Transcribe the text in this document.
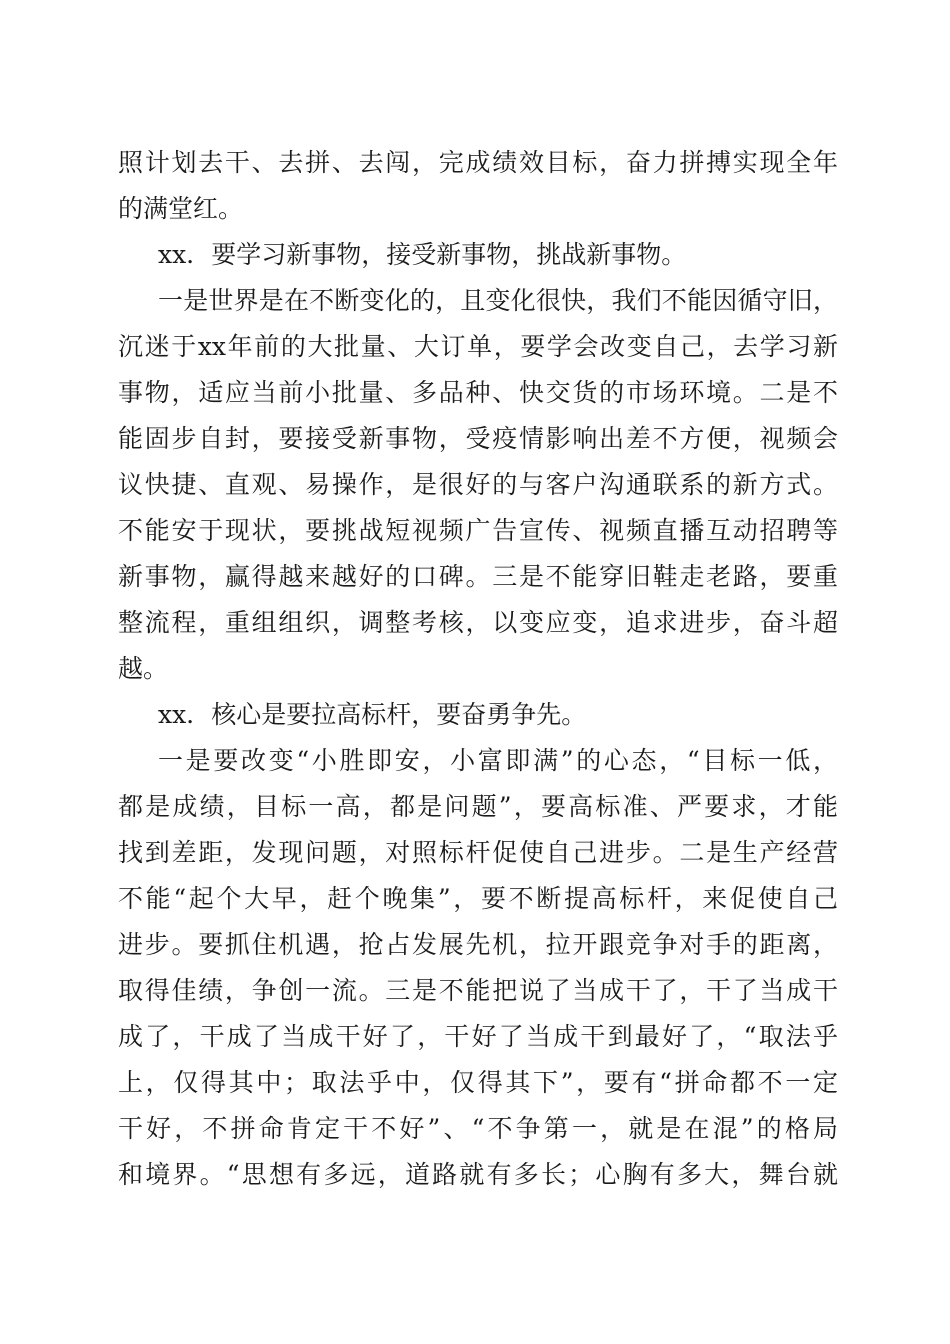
照计划去干、去拼、去闯，完成绩效目标，奋力拼搏实现全年
的满堂红。
xx．要学习新事物，接受新事物，挑战新事物。
一是世界是在不断变化的，且变化很快，我们不能因循守旧，
沉迷于xx年前的大批量、大订单，要学会改变自己，去学习新
事物，适应当前小批量、多品种、快交货的市场环境。二是不
能固步自封，要接受新事物，受疫情影响出差不方便，视频会
议快捷、直观、易操作，是很好的与客户沟通联系的新方式。
不能安于现状，要挑战短视频广告宣传、视频直播互动招聘等
新事物，赢得越来越好的口碑。三是不能穿旧鞋走老路，要重
整流程，重组组织，调整考核，以变应变，追求进步，奋斗超
越。
xx．核心是要拉高标杆，要奋勇争先。
一是要改变“小胜即安，小富即满”的心态，“目标一低，
都是成绩，目标一高，都是问题”，要高标准、严要求，才能
找到差距，发现问题，对照标杆促使自己进步。二是生产经营
不能“起个大早，赶个晚集”，要不断提高标杆，来促使自己
进步。要抓住机遇，抢占发展先机，拉开跟竞争对手的距离，
取得佳绩，争创一流。三是不能把说了当成干了，干了当成干
成了，干成了当成干好了，干好了当成干到最好了，“取法乎
上，仅得其中；取法乎中，仅得其下”，要有“拼命都不一定
干好，不拼命肯定干不好”、“不争第一，就是在混”的格局
和境界。“思想有多远，道路就有多长；心胸有多大，舞台就
